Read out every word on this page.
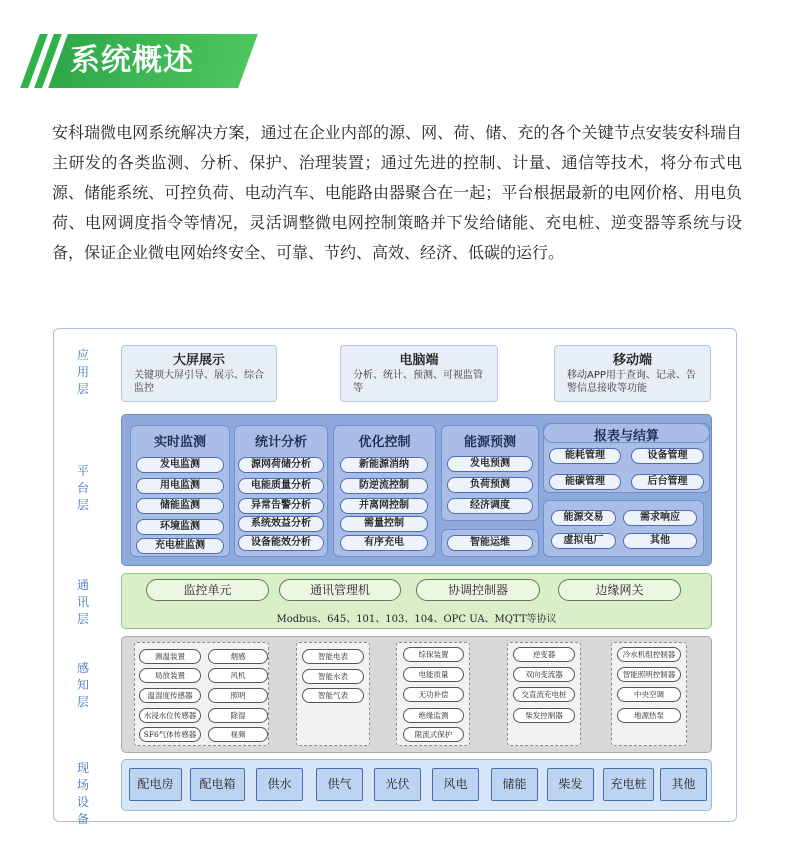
系统概述

安科瑞微电网系统解决方案，通过在企业内部的源、网、荷、储、充的各个关键节点安装安科瑞自主研发的各类监测、分析、保护、治理装置；通过先进的控制、计量、通信等技术，将分布式电源、储能系统、可控负荷、电动汽车、电能路由器聚合在一起；平台根据最新的电网价格、用电负荷、电网调度指令等情况，灵活调整微电网控制策略并下发给储能、充电桩、逆变器等系统与设备，保证企业微电网始终安全、可靠、节约、高效、经济、低碳的运行。

应用层
平台层
通讯层
感知层
现场设备
大屏展示
关键项大屏引导、展示、综合监控
电脑端
分析、统计、预测、可视监管等
移动端
移动APP用于查询、记录、告警信息接收等功能
实时监测
发电监测
用电监测
储能监测
环境监测
充电桩监测
统计分析
源网荷储分析
电能质量分析
异常告警分析
系统效益分析
设备能效分析
优化控制
新能源消纳
防逆流控制
并离网控制
需量控制
有序充电
能源预测
发电预测
负荷预测
经济调度
智能运维
报表与结算
能耗管理	设备管理
能碳管理	后台管理
能源交易	需求响应
虚拟电厂	其他
监控单元	通讯管理机	协调控制器	边缘网关
Modbus、645、101、103、104、OPC UA、MQTT等协议
测温装置
局放装置
温湿度传感器
水浸水位传感器
SF6气体传感器
烟感
风机
照明
除湿
视频
智能电表
智能水表
智能气表
综保装置
电能质量
无功补偿
绝缘监测
限流式保护
逆变器
双向变流器
交直流充电桩
柴发控制器
冷水机组控制器
智能照明控制器
中央空调
地源热泵
配电房	配电箱	供水	供气	光伏	风电	储能	柴发	充电桩	其他
